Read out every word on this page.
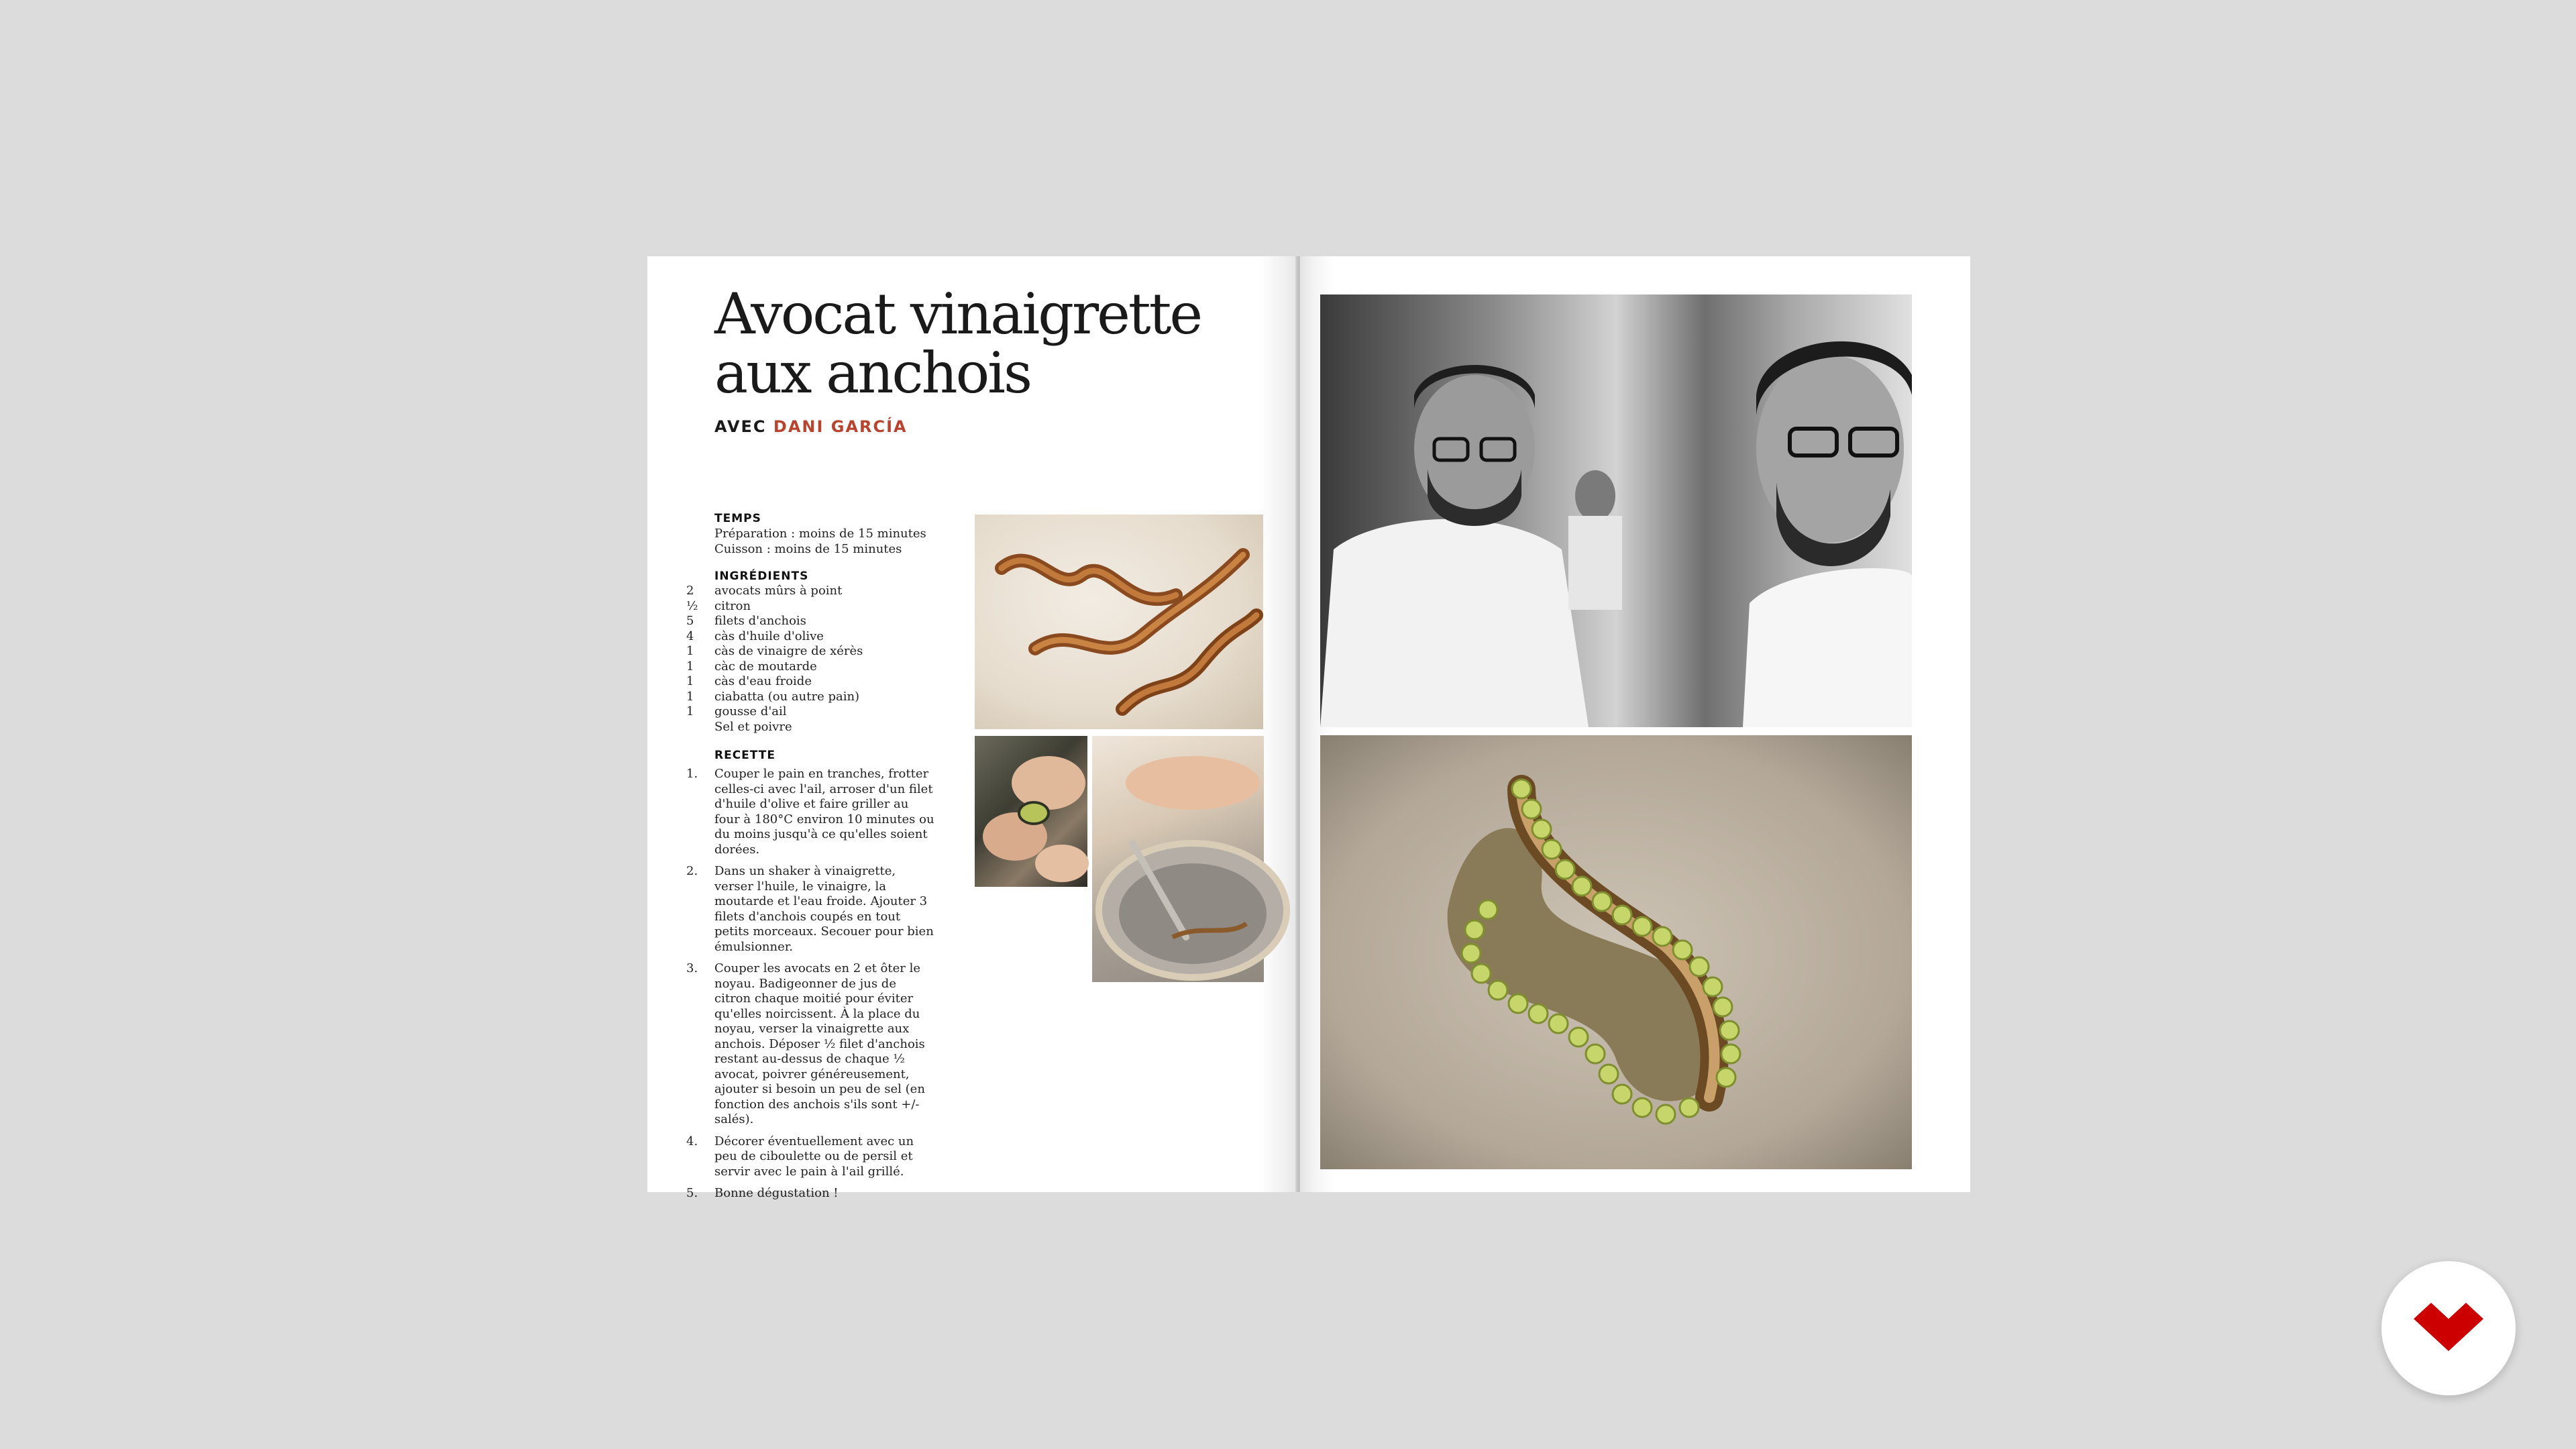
Avocat vinaigrette
aux anchois
AVEC DANI GARCÍA
TEMPS
Préparation : moins de 15 minutes
Cuisson : moins de 15 minutes
INGRÉDIENTS
2	avocats mûrs à point
½	citron
5	filets d'anchois
4	càs d'huile d'olive
1	càs de vinaigre de xérès
1	càc de moutarde
1	càs d'eau froide
1	ciabatta (ou autre pain)
1	gousse d'ail
Sel et poivre
RECETTE
1.	Couper le pain en tranches, frotter celles-ci avec l'ail, arroser d'un filet d'huile d'olive et faire griller au four à 180°C environ 10 minutes ou du moins jusqu'à ce qu'elles soient dorées.
2.	Dans un shaker à vinaigrette, verser l'huile, le vinaigre, la moutarde et l'eau froide. Ajouter 3 filets d'anchois coupés en tout petits morceaux. Secouer pour bien émulsionner.
3.	Couper les avocats en 2 et ôter le noyau. Badigeonner de jus de citron chaque moitié pour éviter qu'elles noircissent. À la place du noyau, verser la vinaigrette aux anchois. Déposer ½ filet d'anchois restant au-dessus de chaque ½ avocat, poivrer généreusement, ajouter si besoin un peu de sel (en fonction des anchois s'ils sont +/- salés).
4.	Décorer éventuellement avec un peu de ciboulette ou de persil et servir avec le pain à l'ail grillé.
5.	Bonne dégustation !
